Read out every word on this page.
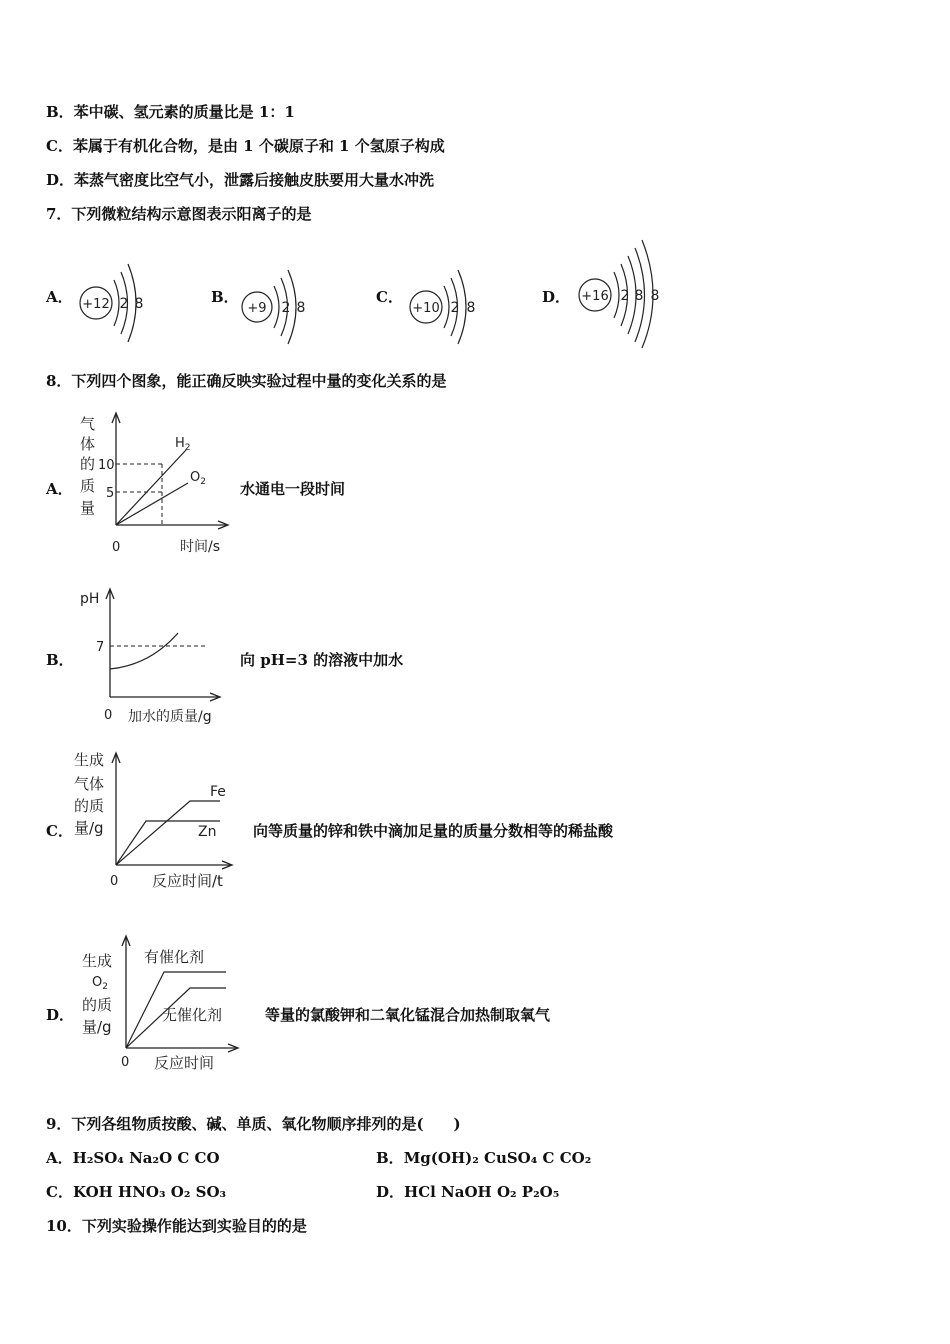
B．苯中碳、氢元素的质量比是 1：1
C．苯属于有机化合物，是由 1 个碳原子和 1 个氢原子构成
D．苯蒸气密度比空气小，泄露后接触皮肤要用大量水冲洗
7．下列微粒结构示意图表示阳离子的是
A． +12 2 8	B．
+9 2 8
C．
+10 2 8
D． +16 2 8 8
8．下列四个图象，能正确反映实验过程中量的变化关系的是
A．
气
体
的
质
量
10
5
$H_2$
$O_2$
0	时间/s
水通电一段时间
B．
pH
7
0 加水的质量/g
向 pH=3 的溶液中加水
C．
生成
气体
的质
量/g
Fe
Zn
0 反应时间/t
向等质量的锌和铁中滴加足量的质量分数相等的稀盐酸
D．
生成
$O_2$
的质
量/g
有催化剂
无催化剂
0 反应时间
等量的氯酸钾和二氧化锰混合加热制取氧气
9．下列各组物质按酸、碱、单质、氧化物顺序排列的是(　　)
A．H₂SO₄ Na₂O C CO	B．Mg(OH)₂ CuSO₄ C CO₂
C．KOH HNO₃ O₂ SO₃	D．HCl NaOH O₂ P₂O₅
10．下列实验操作能达到实验目的的是
